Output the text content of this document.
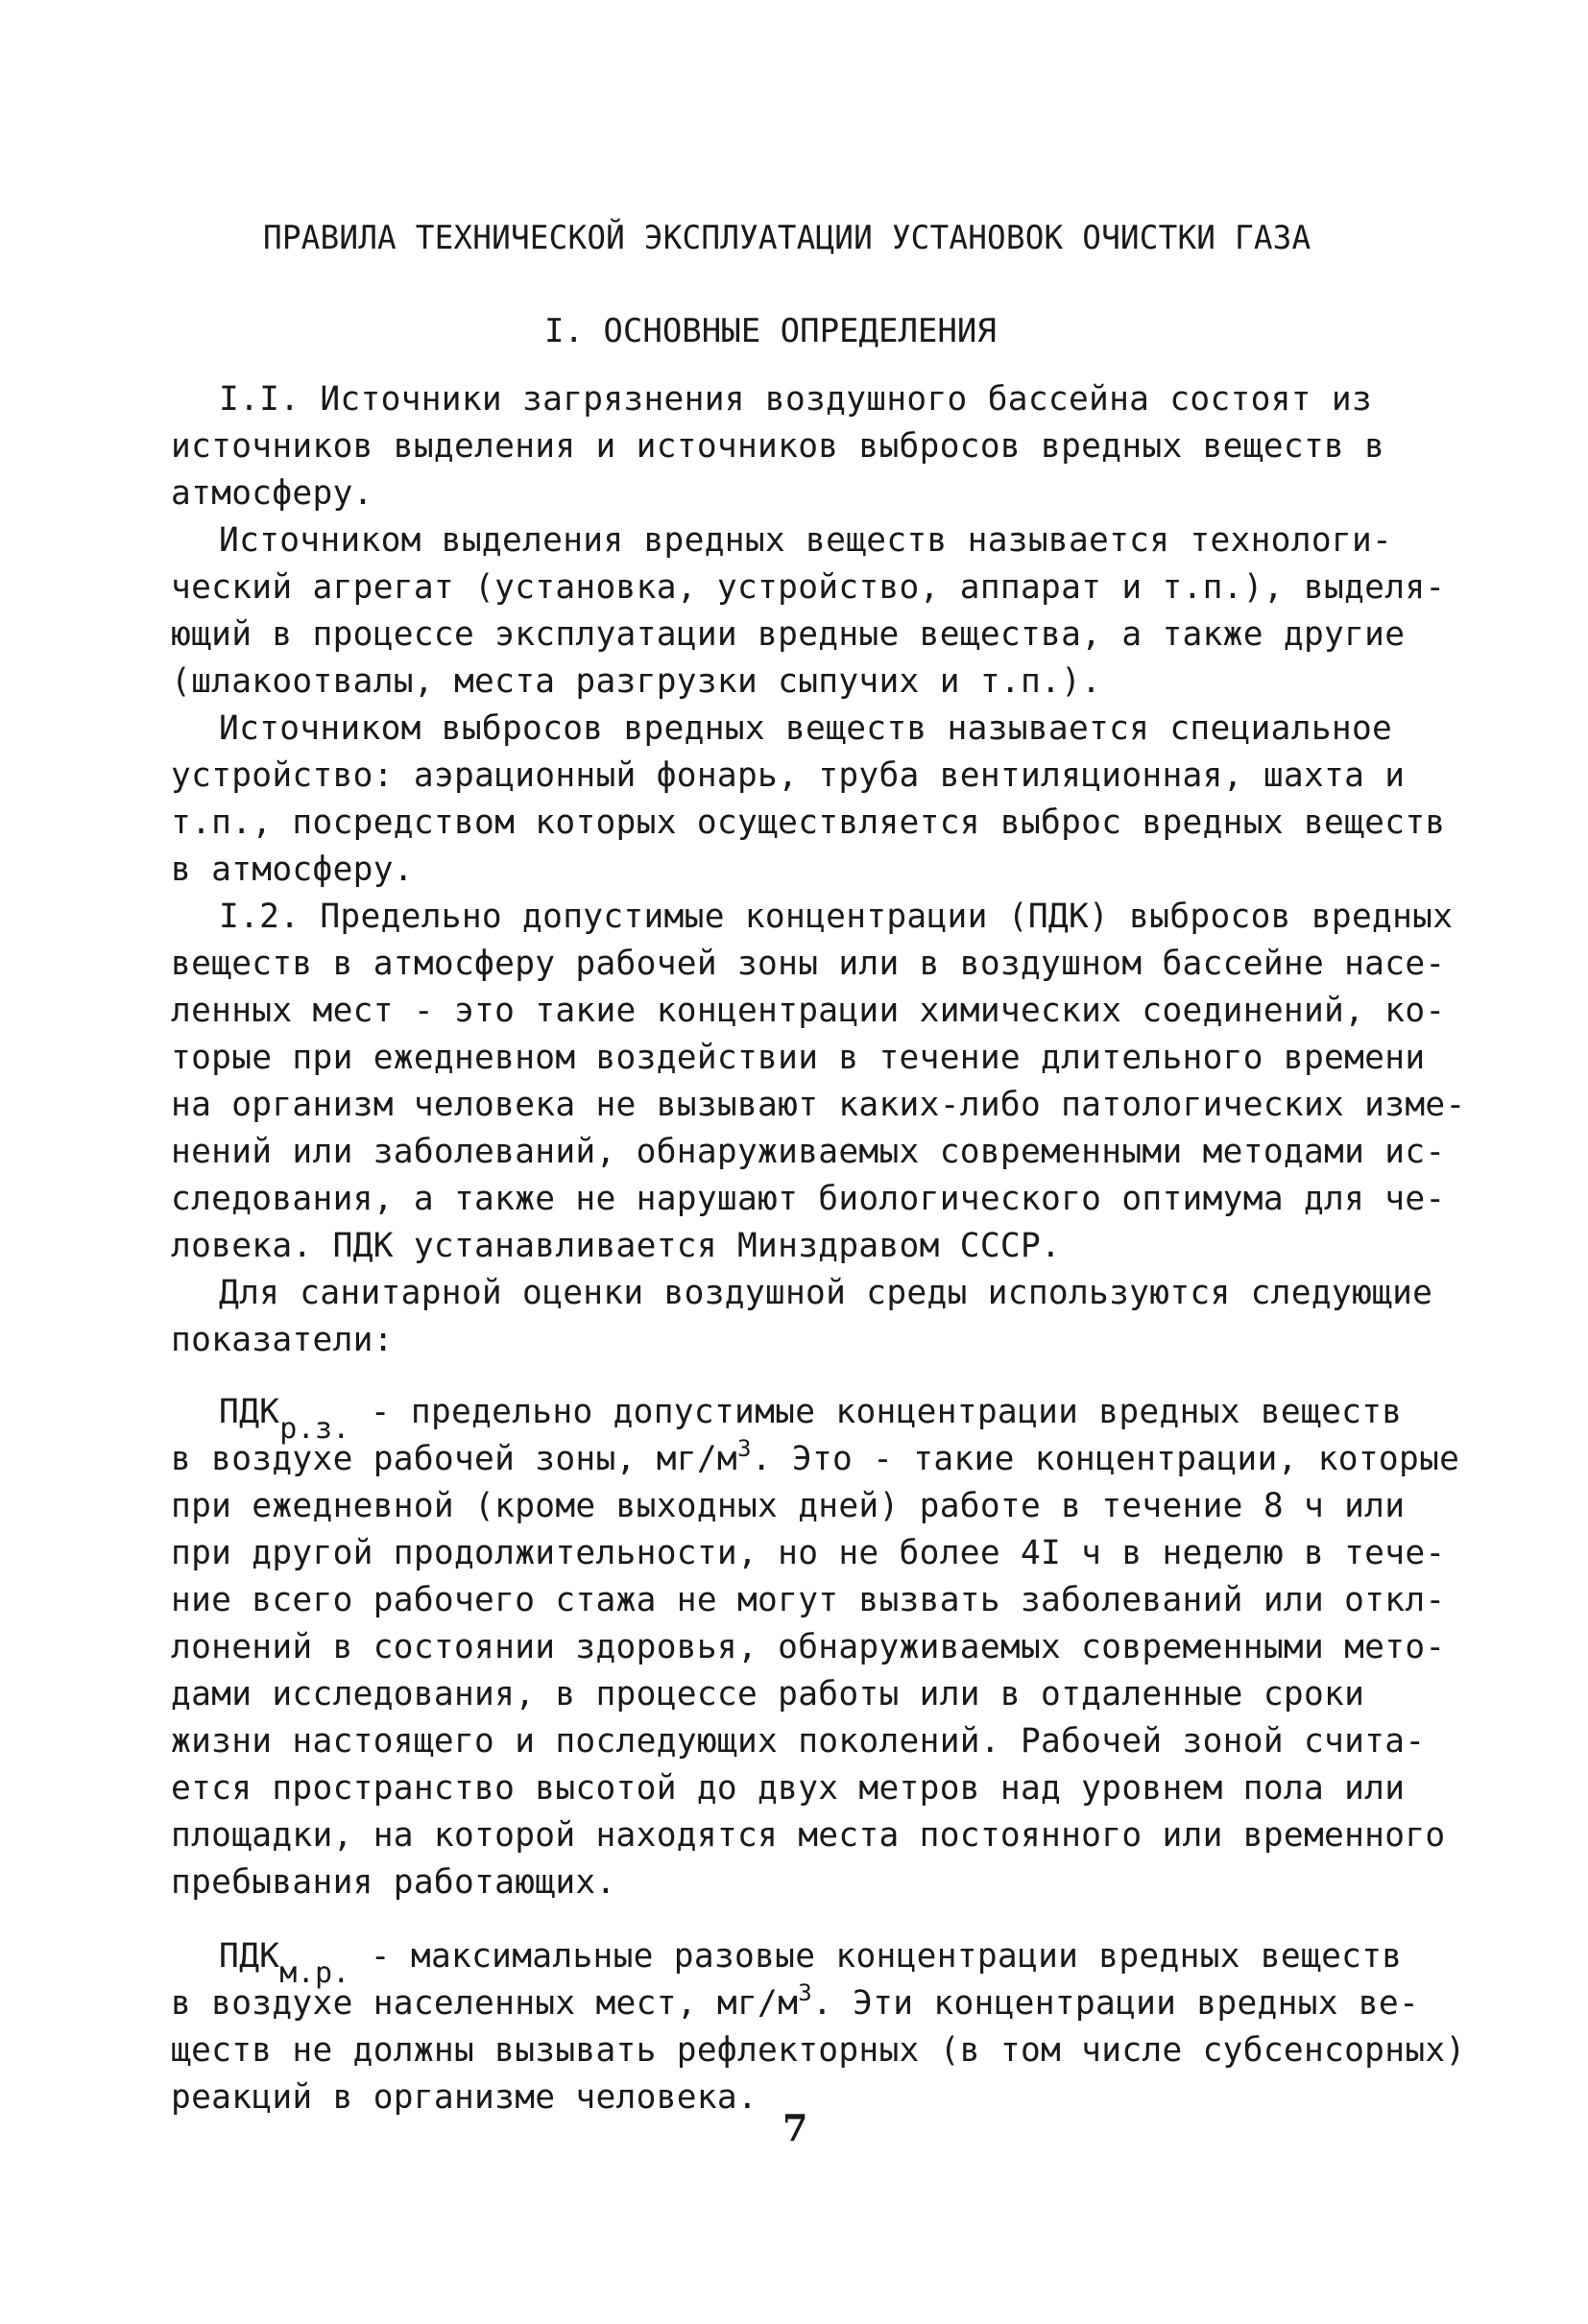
ПРАВИЛА ТЕХНИЧЕСКОЙ ЭКСПЛУАТАЦИИ УСТАНОВОК ОЧИСТКИ ГАЗА
I. ОСНОВНЫЕ ОПРЕДЕЛЕНИЯ
I.I. Источники загрязнения воздушного бассейна состоят из
источников выделения и источников выбросов вредных веществ в
атмосферу.
Источником выделения вредных веществ называется технологи-
ческий агрегат (установка, устройство, аппарат и т.п.), выделя-
ющий в процессе эксплуатации вредные вещества, а также другие
(шлакоотвалы, места разгрузки сыпучих и т.п.).
Источником выбросов вредных веществ называется специальное
устройство: аэрационный фонарь, труба вентиляционная, шахта и
т.п., посредством которых осуществляется выброс вредных веществ
в атмосферу.
I.2. Предельно допустимые концентрации (ПДК) выбросов вредных
веществ в атмосферу рабочей зоны или в воздушном бассейне насе-
ленных мест - это такие концентрации химических соединений, ко-
торые при ежедневном воздействии в течение длительного времени
на организм человека не вызывают каких-либо патологических изме-
нений или заболеваний, обнаруживаемых современными методами ис-
следования, а также не нарушают биологического оптимума для че-
ловека. ПДК устанавливается Минздравом СССР.
Для санитарной оценки воздушной среды используются следующие
показатели:
ПДКр.з. - предельно допустимые концентрации вредных веществ
в воздухе рабочей зоны, $мг/м^3$. Это - такие концентрации, которые
при ежедневной (кроме выходных дней) работе в течение 8 ч или
при другой продолжительности, но не более 4I ч в неделю в тече-
ние всего рабочего стажа не могут вызвать заболеваний или откл-
лонений в состоянии здоровья, обнаруживаемых современными мето-
дами исследования, в процессе работы или в отдаленные сроки
жизни настоящего и последующих поколений. Рабочей зоной счита-
ется пространство высотой до двух метров над уровнем пола или
площадки, на которой находятся места постоянного или временного
пребывания работающих.
ПДКм.р. - максимальные разовые концентрации вредных веществ
в воздухе населенных мест, $мг/м^3$. Эти концентрации вредных ве-
ществ не должны вызывать рефлекторных (в том числе субсенсорных)
реакций в организме человека.
7
